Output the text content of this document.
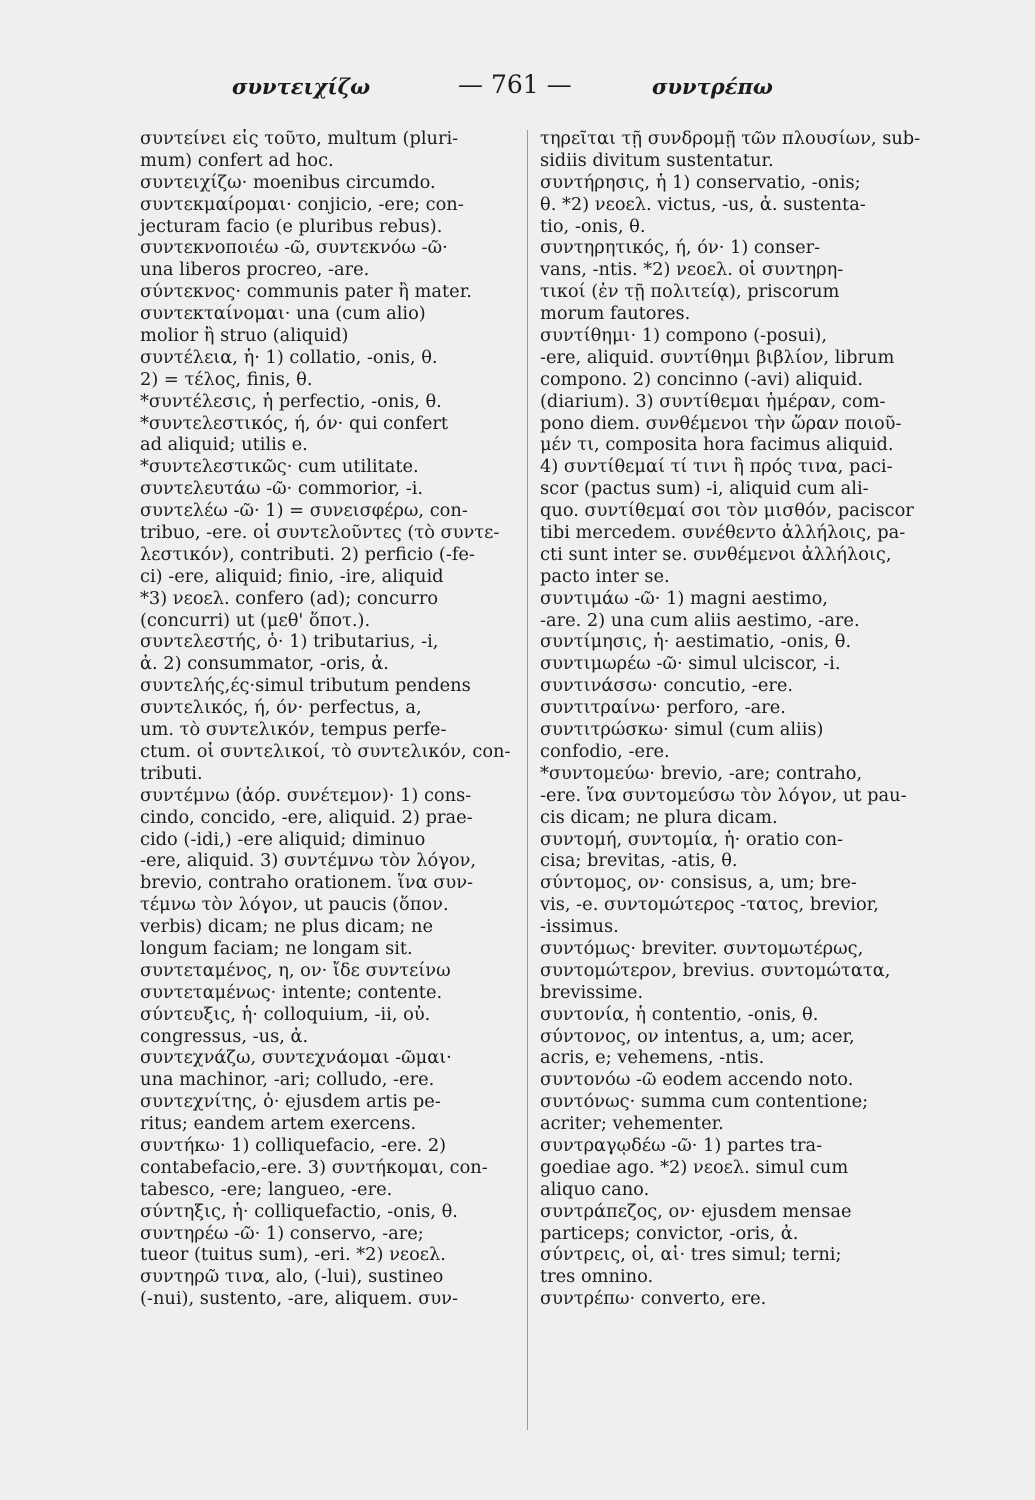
συντειχίζω	— 761 —	συντρέπω
συντείνει εἰς τοῦτο, multum (pluri-
mum) confert ad hoc.
συντειχίζω· moenibus circumdo.
συντεκμαίρομαι· conjicio, -ere; con-
jecturam facio (e pluribus rebus).
συντεκνοποιέω -ῶ, συντεκνόω -ῶ·
una liberos procreo, -are.
σύντεκνος· communis pater ἢ mater.
συντεκταίνομαι· una (cum alio)
molior ἢ struo (aliquid)
συντέλεια, ἡ· 1) collatio, -onis, θ.
2) = τέλος, finis, θ.
*συντέλεσις, ἡ perfectio, -onis, θ.
*συντελεστικός, ή, όν· qui confert
ad aliquid; utilis e.
*συντελεστικῶς· cum utilitate.
συντελευτάω -ῶ· commorior, -i.
συντελέω -ῶ· 1) = συνεισφέρω, con-
tribuo, -ere. οἱ συντελοῦντες (τὸ συντε-
λεστικόν), contributi. 2) perficio (-fe-
ci) -ere, aliquid; finio, -ire, aliquid
*3) νεοελ. confero (ad); concurro
(concurri) ut (μεθ' ὅποτ.).
συντελεστής, ὁ· 1) tributarius, -i,
ἀ. 2) consummator, -oris, ἀ.
συντελής,ές·simul tributum pendens
συντελικός, ή, όν· perfectus, a,
um. τὸ συντελικόν, tempus perfe-
ctum. οἱ συντελικοί, τὸ συντελικόν, con-
tributi.
συντέμνω (ἀόρ. συνέτεμον)· 1) cons-
cindo, concido, -ere, aliquid. 2) prae-
cido (-idi,) -ere aliquid; diminuo
-ere, aliquid. 3) συντέμνω τὸν λόγον,
brevio, contraho orationem. ἵνα συν-
τέμνω τὸν λόγον, ut paucis (ὅπον.
verbis) dicam; ne plus dicam; ne
longum faciam; ne longam sit.
συντεταμένος, η, ον· ἴδε συντείνω
συντεταμένως· intente; contente.
σύντευξις, ἡ· colloquium, -ii, οὐ.
congressus, -us, ἀ.
συντεχνάζω, συντεχνάομαι -ῶμαι·
una machinor, -ari; colludo, -ere.
συντεχνίτης, ὁ· ejusdem artis pe-
ritus; eandem artem exercens.
συντήκω· 1) colliquefacio, -ere. 2)
contabefacio,-ere. 3) συντήκομαι, con-
tabesco, -ere; langueo, -ere.
σύντηξις, ἡ· colliquefactio, -onis, θ.
συντηρέω -ῶ· 1) conservo, -are;
tueor (tuitus sum), -eri. *2) νεοελ.
συντηρῶ τινα, alo, (-lui), sustineo
(-nui), sustento, -are, aliquem. συν-
τηρεῖται τῇ συνδρομῇ τῶν πλουσίων, sub-
sidiis divitum sustentatur.
συντήρησις, ἡ 1) conservatio, -onis;
θ. *2) νεοελ. victus, -us, ἀ. sustenta-
tio, -onis, θ.
συντηρητικός, ή, όν· 1) conser-
vans, -ntis. *2) νεοελ. οἱ συντηρη-
τικοί (ἐν τῇ πολιτείᾳ), priscorum
morum fautores.
συντίθημι· 1) compono (-posui),
-ere, aliquid. συντίθημι βιβλίον, librum
compono. 2) concinno (-avi) aliquid.
(diarium). 3) συντίθεμαι ἡμέραν, com-
pono diem. συνθέμενοι τὴν ὥραν ποιοῦ-
μέν τι, composita hora facimus aliquid.
4) συντίθεμαί τί τινι ἢ πρός τινα, paci-
scor (pactus sum) -i, aliquid cum ali-
quo. συντίθεμαί σοι τὸν μισθόν, paciscor
tibi mercedem. συνέθεντο ἀλλήλοις, pa-
cti sunt inter se. συνθέμενοι ἀλλήλοις,
pacto inter se.
συντιμάω -ῶ· 1) magni aestimo,
-are. 2) una cum aliis aestimo, -are.
συντίμησις, ἡ· aestimatio, -onis, θ.
συντιμωρέω -ῶ· simul ulciscor, -i.
συντινάσσω· concutio, -ere.
συντιτραίνω· perforo, -are.
συντιτρώσκω· simul (cum aliis)
confodio, -ere.
*συντομεύω· brevio, -are; contraho,
-ere. ἵνα συντομεύσω τὸν λόγον, ut pau-
cis dicam; ne plura dicam.
συντομή, συντομία, ἡ· oratio con-
cisa; brevitas, -atis, θ.
σύντομος, ον· consisus, a, um; bre-
vis, -e. συντομώτερος -τατος, brevior,
-issimus.
συντόμως· breviter. συντομωτέρως,
συντομώτερον, brevius. συντομώτατα,
brevissime.
συντονία, ἡ contentio, -onis, θ.
σύντονος, ον intentus, a, um; acer,
acris, e; vehemens, -ntis.
συντονόω -ῶ eodem accendo noto.
συντόνως· summa cum contentione;
acriter; vehementer.
συντραγῳδέω -ῶ· 1) partes tra-
goediae ago. *2) νεοελ. simul cum
aliquo cano.
συντράπεζος, ον· ejusdem mensae
particeps; convictor, -oris, ἀ.
σύντρεις, οἱ, αἱ· tres simul; terni;
tres omnino.
συντρέπω· converto, ere.
